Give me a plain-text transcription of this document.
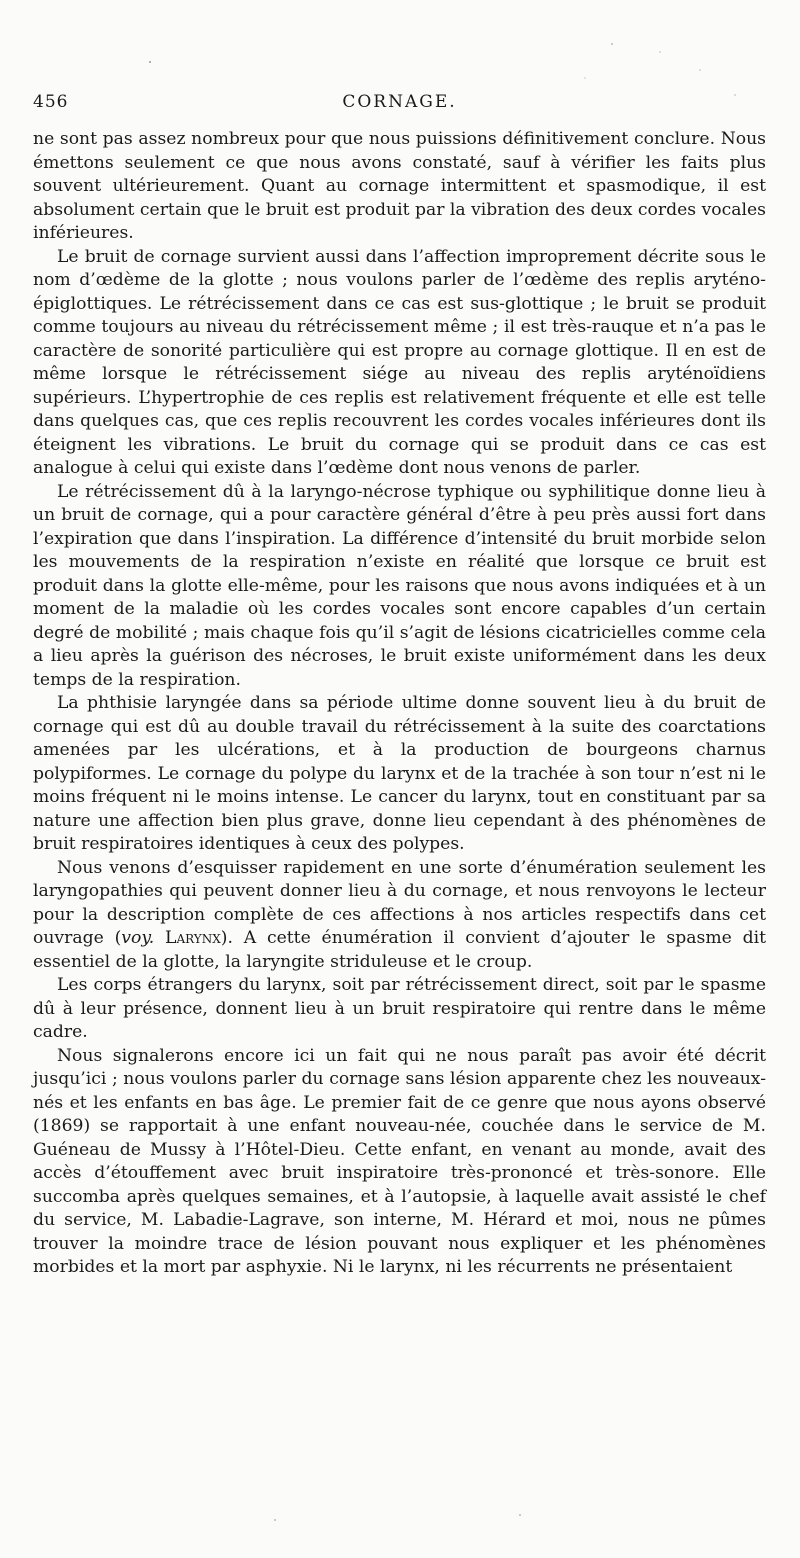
456	CORNAGE.

ne sont pas assez nombreux pour que nous puissions définitivement conclure. Nous émettons seulement ce que nous avons constaté, sauf à vérifier les faits plus souvent ultérieurement. Quant au cornage intermittent et spasmodique, il est absolument certain que le bruit est produit par la vibration des deux cordes vocales inférieures.

Le bruit de cornage survient aussi dans l’affection improprement décrite sous le nom d’œdème de la glotte ; nous voulons parler de l’œdème des replis aryténo-épiglottiques. Le rétrécissement dans ce cas est sus-glottique ; le bruit se produit comme toujours au niveau du rétrécissement même ; il est très-rauque et n’a pas le caractère de sonorité particulière qui est propre au cornage glottique. Il en est de même lorsque le rétrécissement siége au niveau des replis aryténoïdiens supérieurs. L’hypertrophie de ces replis est relativement fréquente et elle est telle dans quelques cas, que ces replis recouvrent les cordes vocales inférieures dont ils éteignent les vibrations. Le bruit du cornage qui se produit dans ce cas est analogue à celui qui existe dans l’œdème dont nous venons de parler.

Le rétrécissement dû à la laryngo-nécrose typhique ou syphilitique donne lieu à un bruit de cornage, qui a pour caractère général d’être à peu près aussi fort dans l’expiration que dans l’inspiration. La différence d’intensité du bruit morbide selon les mouvements de la respiration n’existe en réalité que lorsque ce bruit est produit dans la glotte elle-même, pour les raisons que nous avons indiquées et à un moment de la maladie où les cordes vocales sont encore capables d’un certain degré de mobilité ; mais chaque fois qu’il s’agit de lésions cicatricielles comme cela a lieu après la guérison des nécroses, le bruit existe uniformément dans les deux temps de la respiration.

La phthisie laryngée dans sa période ultime donne souvent lieu à du bruit de cornage qui est dû au double travail du rétrécissement à la suite des coarctations amenées par les ulcérations, et à la production de bourgeons charnus polypiformes. Le cornage du polype du larynx et de la trachée à son tour n’est ni le moins fréquent ni le moins intense. Le cancer du larynx, tout en constituant par sa nature une affection bien plus grave, donne lieu cependant à des phénomènes de bruit respiratoires identiques à ceux des polypes.

Nous venons d’esquisser rapidement en une sorte d’énumération seulement les laryngopathies qui peuvent donner lieu à du cornage, et nous renvoyons le lecteur pour la description complète de ces affections à nos articles respectifs dans cet ouvrage (voy. Larynx). A cette énumération il convient d’ajouter le spasme dit essentiel de la glotte, la laryngite striduleuse et le croup.

Les corps étrangers du larynx, soit par rétrécissement direct, soit par le spasme dû à leur présence, donnent lieu à un bruit respiratoire qui rentre dans le même cadre.

Nous signalerons encore ici un fait qui ne nous paraît pas avoir été décrit jusqu’ici ; nous voulons parler du cornage sans lésion apparente chez les nouveaux-nés et les enfants en bas âge. Le premier fait de ce genre que nous ayons observé (1869) se rapportait à une enfant nouveau-née, couchée dans le service de M. Guéneau de Mussy à l’Hôtel-Dieu. Cette enfant, en venant au monde, avait des accès d’étouffement avec bruit inspiratoire très-prononcé et très-sonore. Elle succomba après quelques semaines, et à l’autopsie, à laquelle avait assisté le chef du service, M. Labadie-Lagrave, son interne, M. Hérard et moi, nous ne pûmes trouver la moindre trace de lésion pouvant nous expliquer et les phénomènes morbides et la mort par asphyxie. Ni le larynx, ni les récurrents ne présentaient
